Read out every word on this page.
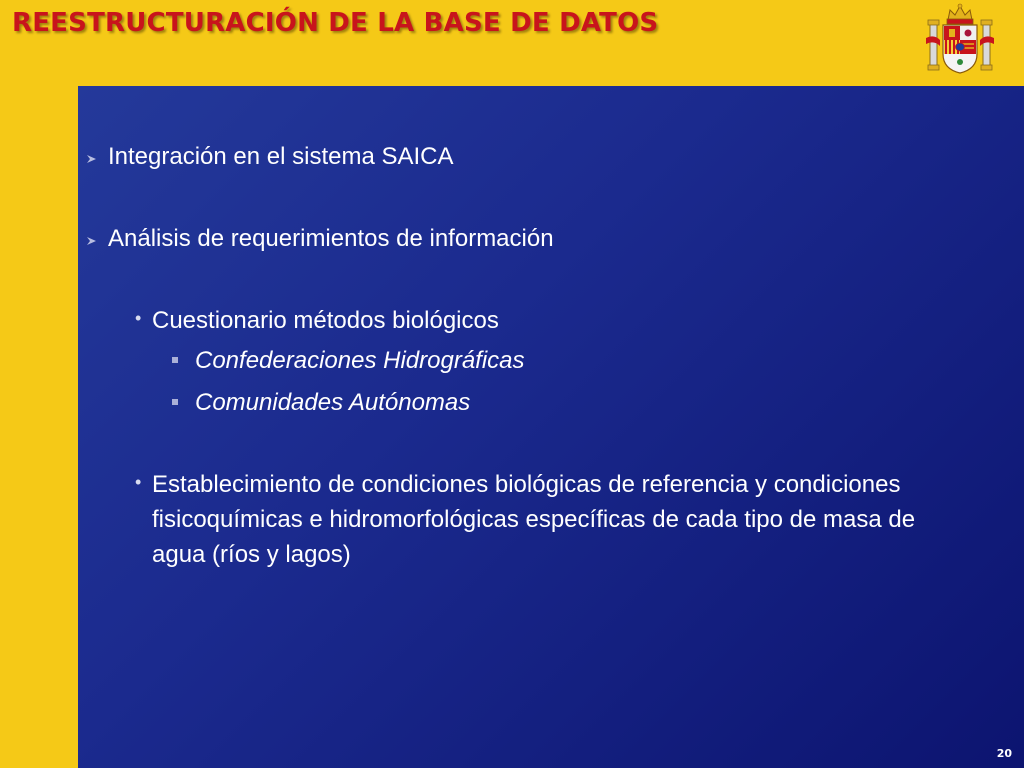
REESTRUCTURACIÓN DE LA BASE DE DATOS
Integración en el sistema SAICA
Análisis de requerimientos de información
• Cuestionario métodos biológicos
Confederaciones Hidrográficas
Comunidades Autónomas
• Establecimiento de condiciones biológicas de referencia y condiciones fisicoquímicas e hidromorfológicas específicas de cada tipo de masa de agua (ríos y lagos)
20
